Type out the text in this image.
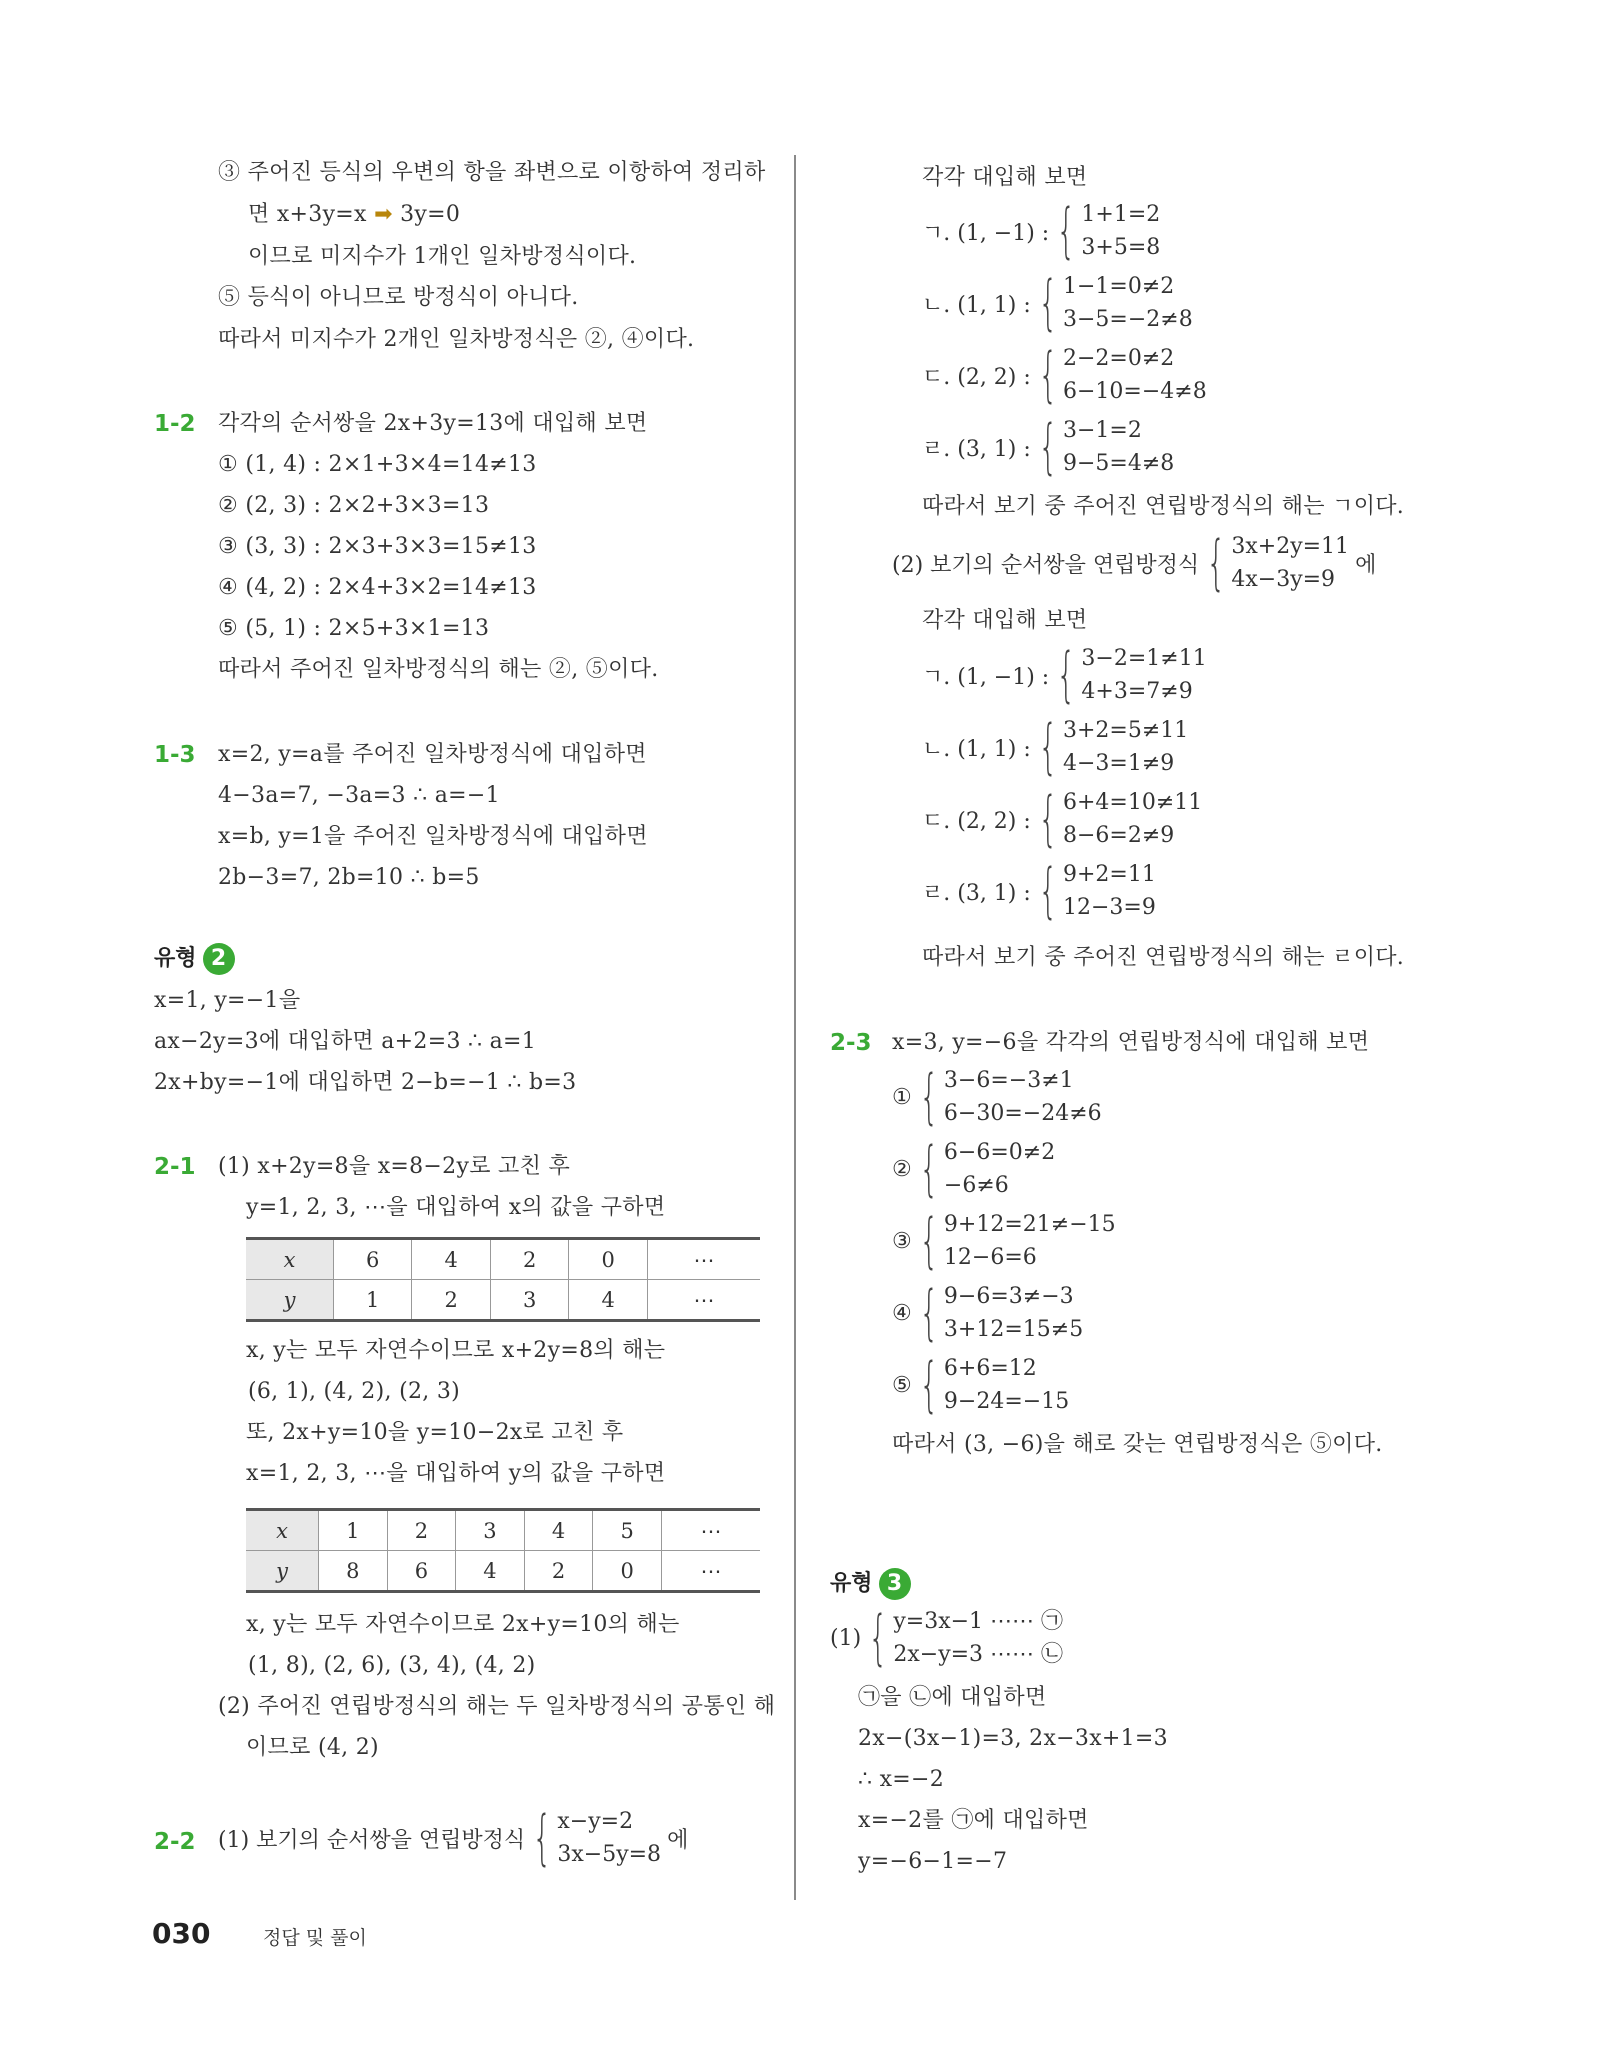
③ 주어진 등식의 우변의 항을 좌변으로 이항하여 정리하
면 x+3y=x ➡ 3y=0
이므로 미지수가 1개인 일차방정식이다.
⑤ 등식이 아니므로 방정식이 아니다.
따라서 미지수가 2개인 일차방정식은 ②, ④이다.
1-2 각각의 순서쌍을 2x+3y=13에 대입해 보면
① (1, 4) : 2×1+3×4=14≠13
② (2, 3) : 2×2+3×3=13
③ (3, 3) : 2×3+3×3=15≠13
④ (4, 2) : 2×4+3×2=14≠13
⑤ (5, 1) : 2×5+3×1=13
따라서 주어진 일차방정식의 해는 ②, ⑤이다.
1-3 x=2, y=a를 주어진 일차방정식에 대입하면
4−3a=7, −3a=3 ∴ a=−1
x=b, y=1을 주어진 일차방정식에 대입하면
2b−3=7, 2b=10 ∴ b=5
유형 2
x=1, y=−1을
ax−2y=3에 대입하면 a+2=3 ∴ a=1
2x+by=−1에 대입하면 2−b=−1 ∴ b=3
2-1 (1) x+2y=8을 x=8−2y로 고친 후
y=1, 2, 3, ⋯을 대입하여 x의 값을 구하면
x	6	4	2	0	⋯
y	1	2	3	4	⋯
x, y는 모두 자연수이므로 x+2y=8의 해는
(6, 1), (4, 2), (2, 3)
또, 2x+y=10을 y=10−2x로 고친 후
x=1, 2, 3, ⋯을 대입하여 y의 값을 구하면
x	1	2	3	4	5	⋯
y	8	6	4	2	0	⋯
x, y는 모두 자연수이므로 2x+y=10의 해는
(1, 8), (2, 6), (3, 4), (4, 2)
(2) 주어진 연립방정식의 해는 두 일차방정식의 공통인 해
이므로 (4, 2)
2-2 (1) 보기의 순서쌍을 연립방정식 { x−y=2
3x−5y=8
에
각각 대입해 보면
ㄱ. (1, −1) : { 1+1=2
3+5=8
ㄴ. (1, 1) : { 1−1=0≠2
3−5=−2≠8
ㄷ. (2, 2) : { 2−2=0≠2
6−10=−4≠8
ㄹ. (3, 1) : { 3−1=2
9−5=4≠8
따라서 보기 중 주어진 연립방정식의 해는 ㄱ이다.
(2) 보기의 순서쌍을 연립방정식 { 3x+2y=11
4x−3y=9
에
각각 대입해 보면
ㄱ. (1, −1) : { 3−2=1≠11
4+3=7≠9
ㄴ. (1, 1) : { 3+2=5≠11
4−3=1≠9
ㄷ. (2, 2) : { 6+4=10≠11
8−6=2≠9
ㄹ. (3, 1) : { 9+2=11
12−3=9
따라서 보기 중 주어진 연립방정식의 해는 ㄹ이다.
2-3 x=3, y=−6을 각각의 연립방정식에 대입해 보면
① { 3−6=−3≠1
6−30=−24≠6
② { 6−6=0≠2
−6≠6
③ { 9+12=21≠−15
12−6=6
④ { 9−6=3≠−3
3+12=15≠5
⑤ { 6+6=12
9−24=−15
따라서 (3, −6)을 해로 갖는 연립방정식은 ⑤이다.
유형 3
(1) { y=3x−1 ⋯⋯ ㉠
2x−y=3 ⋯⋯ ㉡
㉠을 ㉡에 대입하면
2x−(3x−1)=3, 2x−3x+1=3
∴ x=−2
x=−2를 ㉠에 대입하면
y=−6−1=−7
030	정답 및 풀이
